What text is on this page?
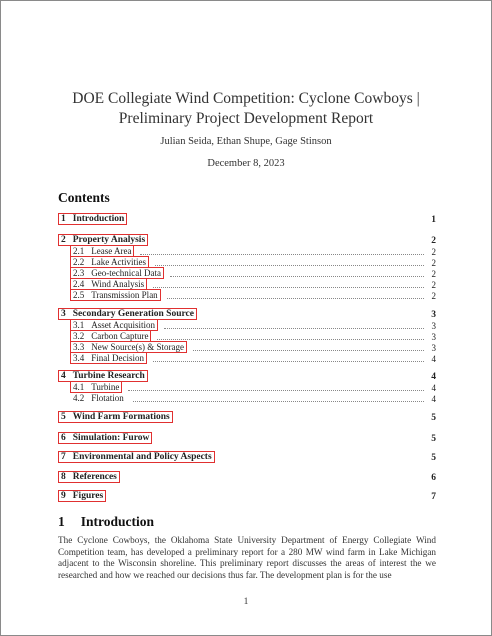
DOE Collegiate Wind Competition: Cyclone Cowboys | Preliminary Project Development Report
Julian Seida, Ethan Shupe, Gage Stinson
December 8, 2023
Contents
1 Introduction	1
2 Property Analysis	2
2.1 Lease Area	2
2.2 Lake Activities	2
2.3 Geo-technical Data	2
2.4 Wind Analysis	2
2.5 Transmission Plan	2
3 Secondary Generation Source	3
3.1 Asset Acquisition	3
3.2 Carbon Capture	3
3.3 New Source(s) & Storage	3
3.4 Final Decision	4
4 Turbine Research	4
4.1 Turbine	4
4.2 Flotation	4
5 Wind Farm Formations	5
6 Simulation: Furow	5
7 Environmental and Policy Aspects	5
8 References	6
9 Figures	7
1 Introduction
The Cyclone Cowboys, the Oklahoma State University Department of Energy Collegiate Wind Competition team, has developed a preliminary report for a 280 MW wind farm in Lake Michigan adjacent to the Wisconsin shoreline. This preliminary report discusses the areas of interest the we researched and how we reached our decisions thus far. The development plan is for the use
1
